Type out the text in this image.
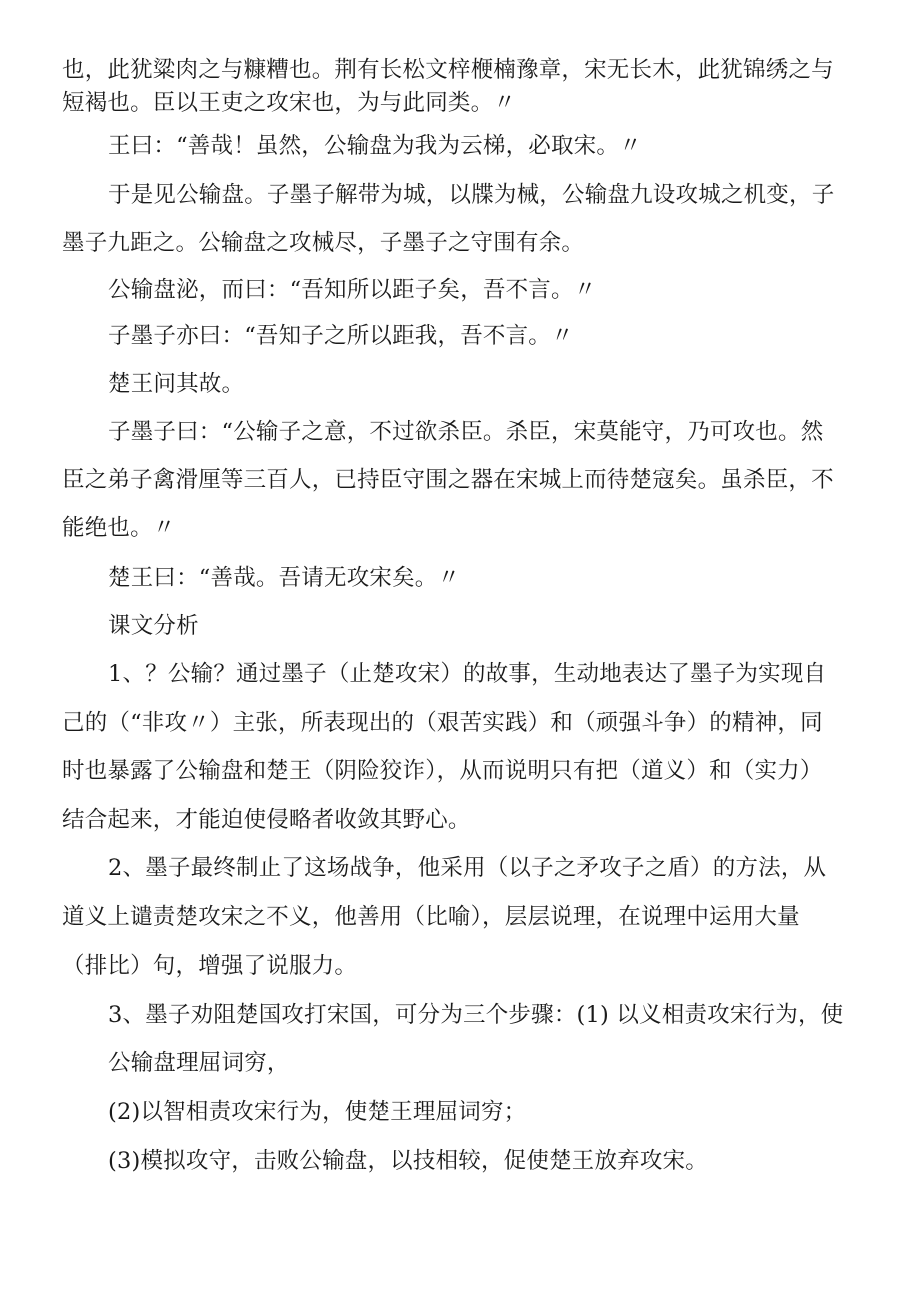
也，此犹粱肉之与糠糟也。荆有长松文梓楩楠豫章，宋无长木，此犹锦绣之与
短褐也。臣以王吏之攻宋也，为与此同类。〃
王曰：“善哉！虽然，公输盘为我为云梯，必取宋。〃
于是见公输盘。子墨子解带为城，以牒为械，公输盘九设攻城之机变，子
墨子九距之。公输盘之攻械尽，子墨子之守围有余。
公输盘泌，而曰：“吾知所以距子矣，吾不言。〃
子墨子亦曰：“吾知子之所以距我，吾不言。〃
楚王问其故。
子墨子曰：“公输子之意，不过欲杀臣。杀臣，宋莫能守，乃可攻也。然
臣之弟子禽滑厘等三百人，已持臣守围之器在宋城上而待楚寇矣。虽杀臣，不
能绝也。〃
楚王曰：“善哉。吾请无攻宋矣。〃
课文分析
1、？公输？通过墨子（止楚攻宋）的故事，生动地表达了墨子为实现自
己的（“非攻〃）主张，所表现出的（艰苦实践）和（顽强斗争）的精神，同
时也暴露了公输盘和楚王（阴险狡诈），从而说明只有把（道义）和（实力）
结合起来，才能迫使侵略者收敛其野心。
2、墨子最终制止了这场战争，他采用（以子之矛攻子之盾）的方法，从
道义上谴责楚攻宋之不义，他善用（比喻），层层说理，在说理中运用大量
（排比）句，增强了说服力。
3、墨子劝阻楚国攻打宋国，可分为三个步骤：(1) 以义相责攻宋行为，使
公输盘理屈词穷，
(2)以智相责攻宋行为，使楚王理屈词穷；
(3)模拟攻守，击败公输盘，以技相较，促使楚王放弃攻宋。
